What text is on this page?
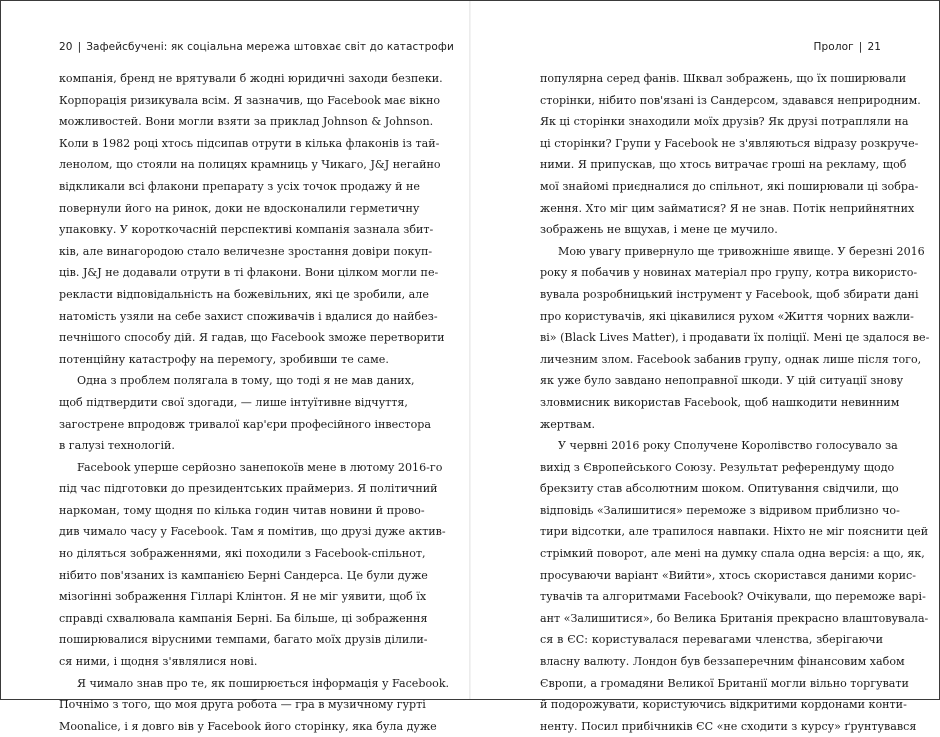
20 | Зафейсбучені: як соціальна мережа штовхає світ до катастрофи
компанія, бренд не врятували б жодні юридичні заходи безпеки.
Корпорація ризикувала всім. Я зазначив, що Facebook має вікно
можливостей. Вони могли взяти за приклад Johnson & Johnson.
Коли в 1982 році хтось підсипав отрути в кілька флаконів із тай-
ленолом, що стояли на полицях крамниць у Чикаго, J&J негайно
відкликали всі флакони препарату з усіх точок продажу й не
повернули його на ринок, доки не вдосконалили герметичну
упаковку. У короткочасній перспективі компанія зазнала збит-
ків, але винагородою стало величезне зростання довіри покуп-
ців. J&J не додавали отрути в ті флакони. Вони цілком могли пе-
рекласти відповідальність на божевільних, які це зробили, але
натомість узяли на себе захист споживачів і вдалися до найбез-
печнішого способу дій. Я гадав, що Facebook зможе перетворити
потенційну катастрофу на перемогу, зробивши те саме.
Одна з проблем полягала в тому, що тоді я не мав даних,
щоб підтвердити свої здогади, — лише інтуїтивне відчуття,
загострене впродовж тривалої кар'єри професійного інвестора
в галузі технологій.
Facebook уперше серйозно занепокоїв мене в лютому 2016-го
під час підготовки до президентських праймериз. Я політичний
наркоман, тому щодня по кілька годин читав новини й прово-
див чимало часу у Facebook. Там я помітив, що друзі дуже актив-
но діляться зображеннями, які походили з Facebook-спільнот,
нібито пов'язаних із кампанією Берні Сандерса. Це були дуже
мізогінні зображення Гілларі Клінтон. Я не міг уявити, щоб їх
справді схвалювала кампанія Берні. Ба більше, ці зображення
поширювалися вірусними темпами, багато моїх друзів ділили-
ся ними, і щодня з'являлися нові.
Я чимало знав про те, як поширюється інформація у Facebook.
Почнімо з того, що моя друга робота — гра в музичному гурті
Moonalice, і я довго вів у Facebook його сторінку, яка була дуже
Пролог | 21
популярна серед фанів. Шквал зображень, що їх поширювали
сторінки, нібито пов'язані із Сандерсом, здавався неприродним.
Як ці сторінки знаходили моїх друзів? Як друзі потрапляли на
ці сторінки? Групи у Facebook не з'являються відразу розкруче-
ними. Я припускав, що хтось витрачає гроші на рекламу, щоб
мої знайомі приєдналися до спільнот, які поширювали ці зобра-
ження. Хто міг цим займатися? Я не знав. Потік неприйнятних
зображень не вщухав, і мене це мучило.
Мою увагу привернуло ще тривожніше явище. У березні 2016
року я побачив у новинах матеріал про групу, котра використо-
вувала розробницький інструмент у Facebook, щоб збирати дані
про користувачів, які цікавилися рухом «Життя чорних важли-
ві» (Black Lives Matter), і продавати їх поліції. Мені це здалося ве-
личезним злом. Facebook забанив групу, однак лише після того,
як уже було завдано непоправної шкоди. У цій ситуації знову
зловмисник використав Facebook, щоб нашкодити невинним
жертвам.
У червні 2016 року Сполучене Королівство голосувало за
вихід з Європейського Союзу. Результат референдуму щодо
брекзиту став абсолютним шоком. Опитування свідчили, що
відповідь «Залишитися» переможе з відривом приблизно чо-
тири відсотки, але трапилося навпаки. Ніхто не міг пояснити цей
стрімкий поворот, але мені на думку спала одна версія: а що, як,
просуваючи варіант «Вийти», хтось скористався даними корис-
тувачів та алгоритмами Facebook? Очікували, що переможе варі-
ант «Залишитися», бо Велика Британія прекрасно влаштовувала-
ся в ЄС: користувалася перевагами членства, зберігаючи
власну валюту. Лондон був беззаперечним фінансовим хабом
Європи, а громадяни Великої Британії могли вільно торгувати
й подорожувати, користуючись відкритими кордонами конти-
ненту. Посил прибічників ЄС «не сходити з курсу» ґрунтувався
